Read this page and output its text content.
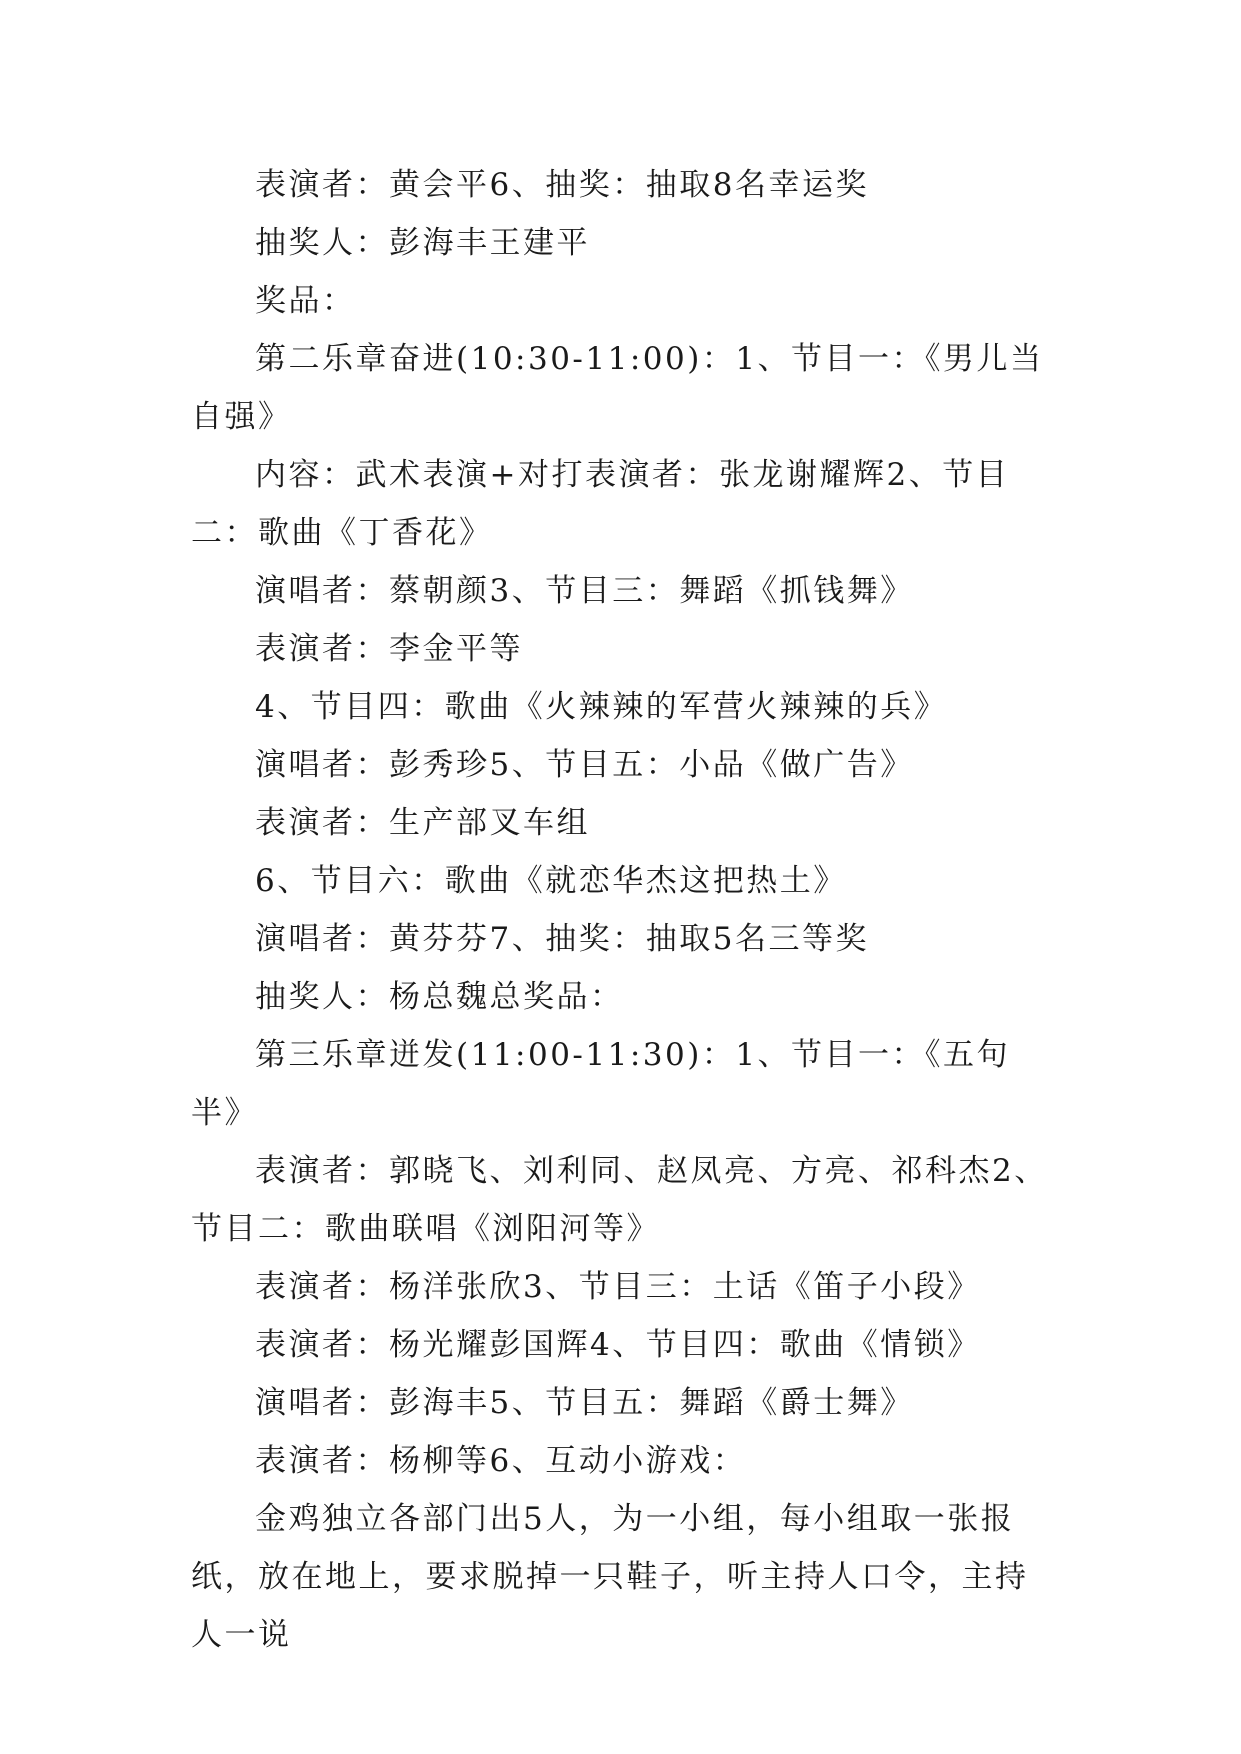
表演者：黄会平6、抽奖：抽取8名幸运奖

抽奖人：彭海丰王建平

奖品：

第二乐章奋进(10:30-11:00)：1、节目一：《男儿当自强》

内容：武术表演+对打表演者：张龙谢耀辉2、节目二：歌曲《丁香花》

演唱者：蔡朝颜3、节目三：舞蹈《抓钱舞》

表演者：李金平等

4、节目四：歌曲《火辣辣的军营火辣辣的兵》

演唱者：彭秀珍5、节目五：小品《做广告》

表演者：生产部叉车组

6、节目六：歌曲《就恋华杰这把热土》

演唱者：黄芬芬7、抽奖：抽取5名三等奖

抽奖人：杨总魏总奖品：

第三乐章迸发(11:00-11:30)：1、节目一：《五句半》

表演者：郭晓飞、刘利同、赵凤亮、方亮、祁科杰2、节目二：歌曲联唱《浏阳河等》

表演者：杨洋张欣3、节目三：土话《笛子小段》

表演者：杨光耀彭国辉4、节目四：歌曲《情锁》

演唱者：彭海丰5、节目五：舞蹈《爵士舞》

表演者：杨柳等6、互动小游戏：

金鸡独立各部门出5人，为一小组，每小组取一张报纸，放在地上，要求脱掉一只鞋子，听主持人口令，主持人一说
